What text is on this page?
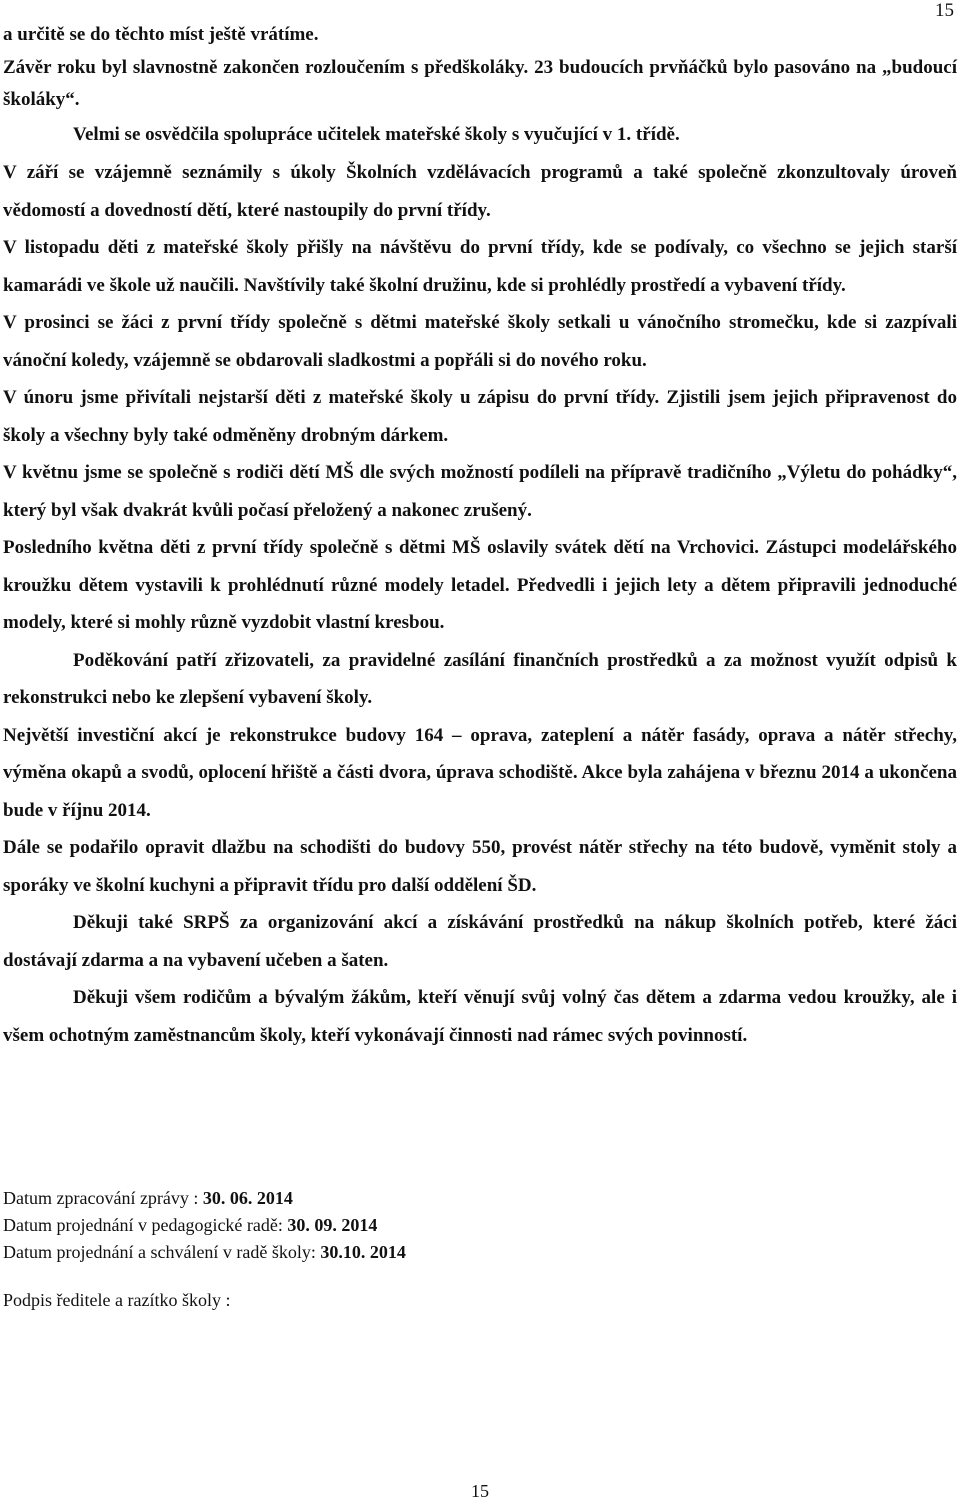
15

a určitě se do těchto míst ještě vrátíme.

Závěr roku byl slavnostně zakončen rozloučením s předškoláky. 23 budoucích prvňáčků bylo pasováno na „budoucí školáky“.

Velmi se osvědčila spolupráce učitelek mateřské školy s vyučující v 1. třídě.

V září se vzájemně seznámily s úkoly Školních vzdělávacích programů a také společně zkonzultovaly úroveň vědomostí a dovedností dětí, které nastoupily do první třídy.

V listopadu děti z mateřské školy přišly na návštěvu do první třídy, kde se podívaly, co všechno se jejich starší kamarádi ve škole už naučili. Navštívily také školní družinu, kde si prohlédly prostředí a vybavení třídy.

V prosinci se žáci z první třídy společně s dětmi mateřské školy setkali u vánočního stromečku, kde si zazpívali vánoční koledy, vzájemně se obdarovali sladkostmi a popřáli si do nového roku.

V únoru jsme přivítali nejstarší děti z mateřské školy u zápisu do první třídy. Zjistili jsem jejich připravenost do školy a všechny byly také odměněny drobným dárkem.

V květnu jsme se společně s rodiči dětí MŠ dle svých možností podíleli na přípravě tradičního „Výletu do pohádky“, který byl však dvakrát kvůli počasí přeložený a nakonec zrušený.

Posledního května děti z první třídy společně s dětmi MŠ oslavily svátek dětí na Vrchovici. Zástupci modelářského kroužku dětem vystavili k prohlédnutí různé modely letadel. Předvedli i jejich lety a dětem připravili jednoduché modely, které si mohly různě vyzdobit vlastní kresbou.

Poděkování patří zřizovateli, za pravidelné zasílání finančních prostředků a za možnost využít odpisů k rekonstrukci nebo ke zlepšení vybavení školy.

Největší investiční akcí je rekonstrukce budovy 164 – oprava, zateplení a nátěr fasády, oprava a nátěr střechy, výměna okapů a svodů, oplocení hřiště a části dvora, úprava schodiště. Akce byla zahájena v březnu 2014 a ukončena bude v říjnu 2014.

Dále se podařilo opravit dlažbu na schodišti do budovy 550, provést nátěr střechy na této budově, vyměnit stoly a sporáky ve školní kuchyni a připravit třídu pro další oddělení ŠD.

Děkuji také SRPŠ za organizování akcí a získávání prostředků na nákup školních potřeb, které žáci dostávají zdarma a na vybavení učeben a šaten.

Děkuji všem rodičům a bývalým žákům, kteří věnují svůj volný čas dětem a zdarma vedou kroužky, ale i všem ochotným zaměstnancům školy, kteří vykonávají činnosti nad rámec svých povinností.

Datum zpracování zprávy : 30. 06. 2014
Datum projednání v pedagogické radě: 30. 09. 2014
Datum projednání a schválení v radě školy: 30.10. 2014
Podpis ředitele a razítko školy :
15
